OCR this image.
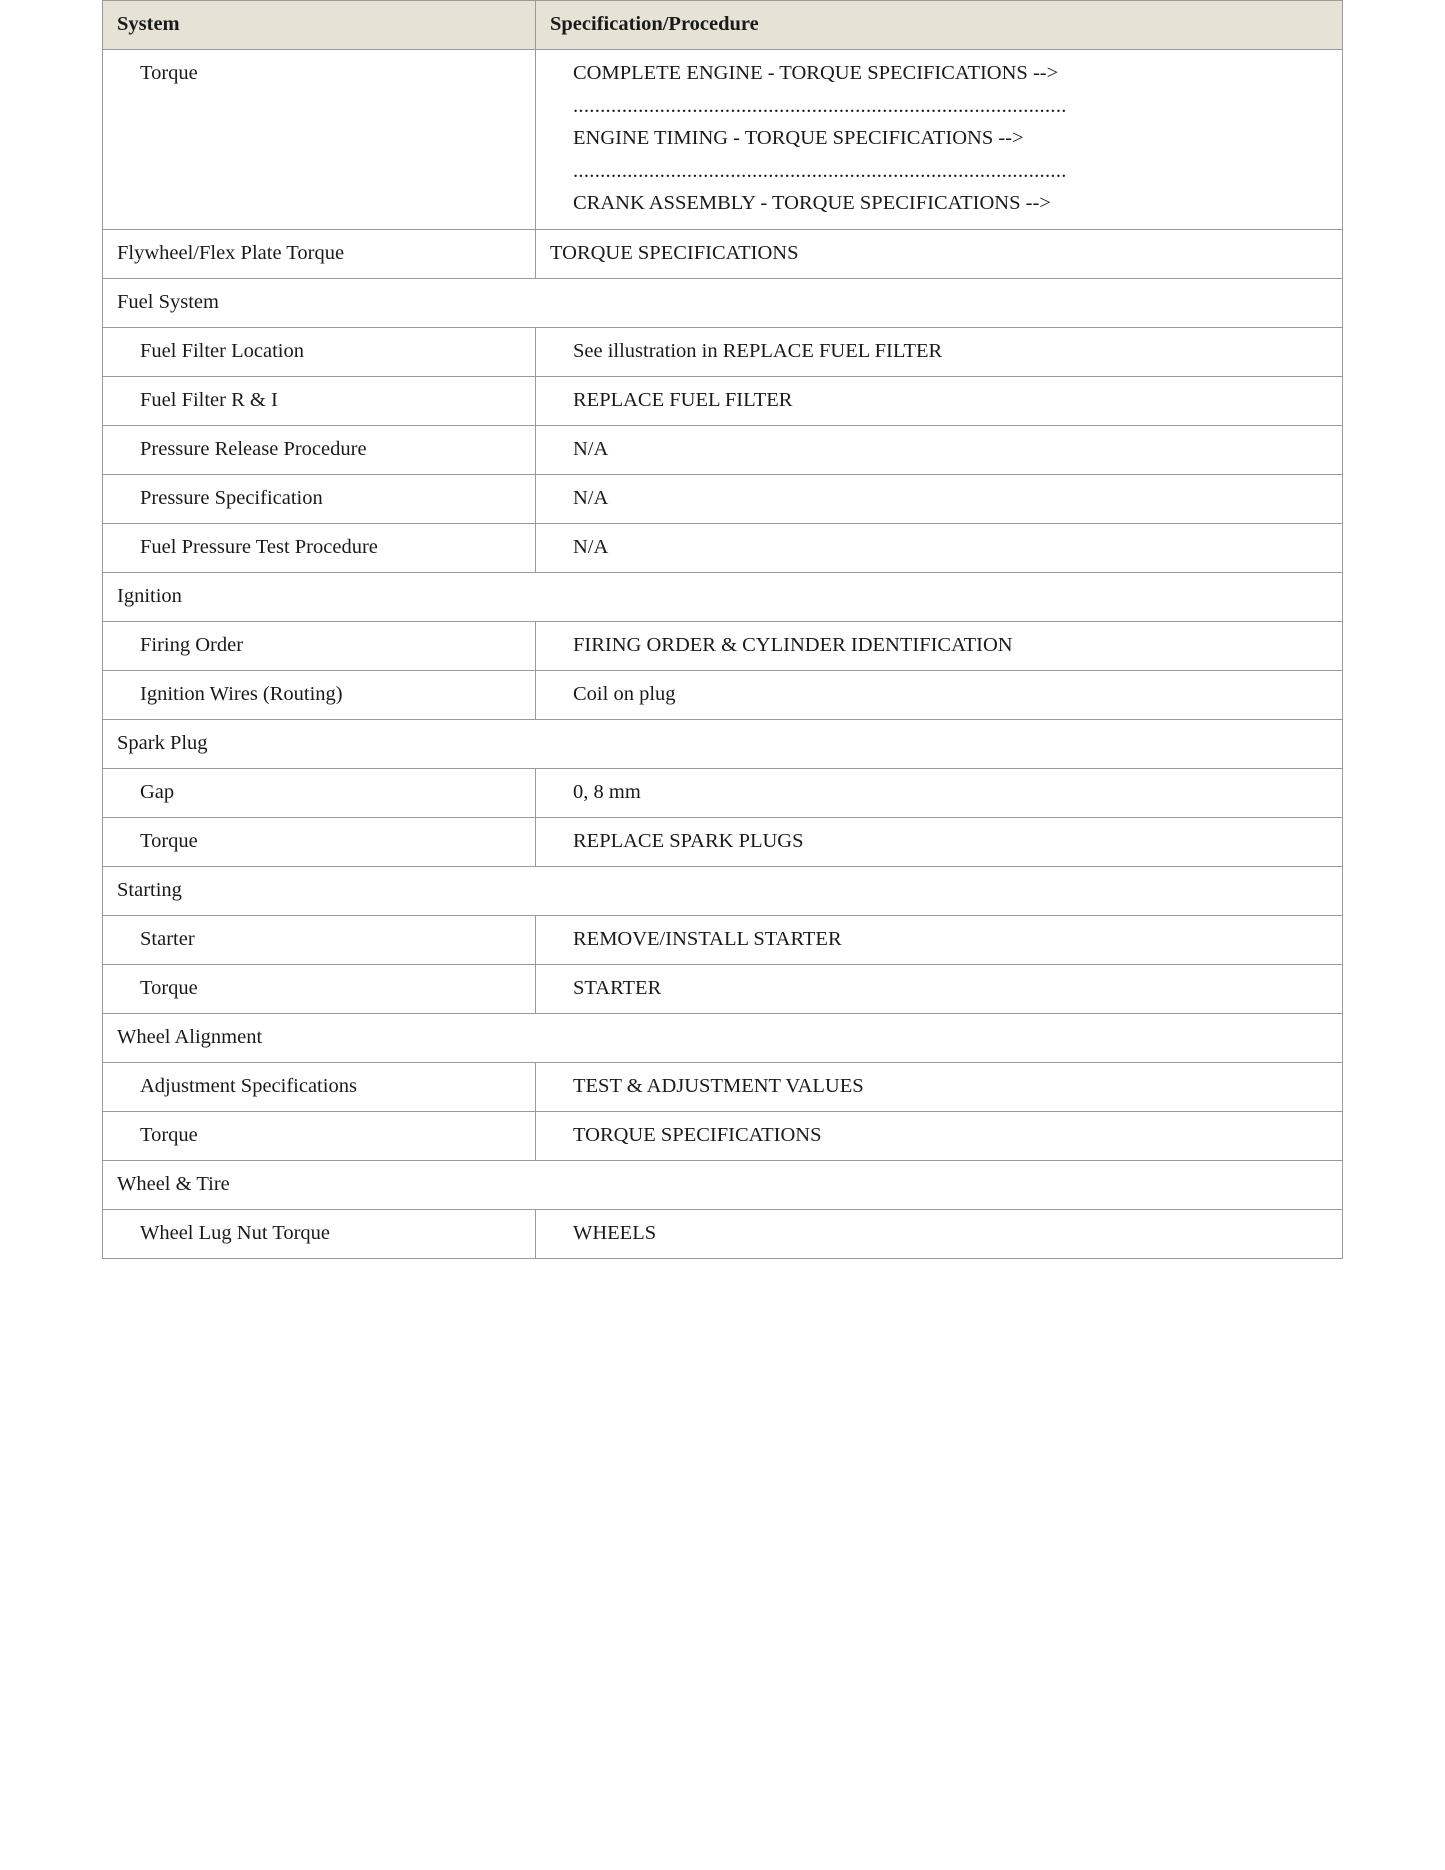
System	Specification/Procedure
Torque	COMPLETE ENGINE - TORQUE SPECIFICATIONS -->
...........................................................................................
ENGINE TIMING - TORQUE SPECIFICATIONS -->
...........................................................................................
CRANK ASSEMBLY - TORQUE SPECIFICATIONS -->

Flywheel/Flex Plate Torque	TORQUE SPECIFICATIONS
Fuel System	
Fuel Filter Location	See illustration in REPLACE FUEL FILTER
Fuel Filter R & I	REPLACE FUEL FILTER
Pressure Release Procedure	N/A
Pressure Specification	N/A
Fuel Pressure Test Procedure	N/A
Ignition	
Firing Order	FIRING ORDER & CYLINDER IDENTIFICATION
Ignition Wires (Routing)	Coil on plug
Spark Plug	
Gap	0, 8 mm
Torque	REPLACE SPARK PLUGS
Starting	
Starter	REMOVE/INSTALL STARTER
Torque	STARTER
Wheel Alignment	
Adjustment Specifications	TEST & ADJUSTMENT VALUES
Torque	TORQUE SPECIFICATIONS
Wheel & Tire	
Wheel Lug Nut Torque	WHEELS
